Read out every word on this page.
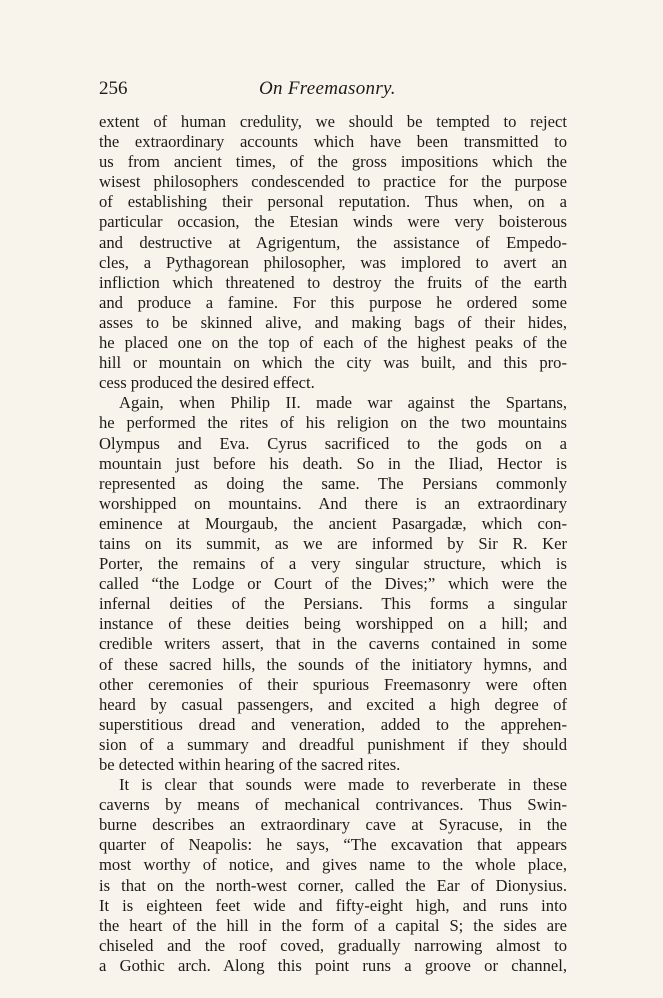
256	On Freemasonry.
extent of human credulity, we should be tempted to reject
the extraordinary accounts which have been transmitted to
us from ancient times, of the gross impositions which the
wisest philosophers condescended to practice for the purpose
of establishing their personal reputation. Thus when, on a
particular occasion, the Etesian winds were very boisterous
and destructive at Agrigentum, the assistance of Empedo-
cles, a Pythagorean philosopher, was implored to avert an
infliction which threatened to destroy the fruits of the earth
and produce a famine. For this purpose he ordered some
asses to be skinned alive, and making bags of their hides,
he placed one on the top of each of the highest peaks of the
hill or mountain on which the city was built, and this pro-
cess produced the desired effect.
Again, when Philip II. made war against the Spartans,
he performed the rites of his religion on the two mountains
Olympus and Eva. Cyrus sacrificed to the gods on a
mountain just before his death. So in the Iliad, Hector is
represented as doing the same. The Persians commonly
worshipped on mountains. And there is an extraordinary
eminence at Mourgaub, the ancient Pasargadæ, which con-
tains on its summit, as we are informed by Sir R. Ker
Porter, the remains of a very singular structure, which is
called “the Lodge or Court of the Dives;” which were the
infernal deities of the Persians. This forms a singular
instance of these deities being worshipped on a hill; and
credible writers assert, that in the caverns contained in some
of these sacred hills, the sounds of the initiatory hymns, and
other ceremonies of their spurious Freemasonry were often
heard by casual passengers, and excited a high degree of
superstitious dread and veneration, added to the apprehen-
sion of a summary and dreadful punishment if they should
be detected within hearing of the sacred rites.
It is clear that sounds were made to reverberate in these
caverns by means of mechanical contrivances. Thus Swin-
burne describes an extraordinary cave at Syracuse, in the
quarter of Neapolis: he says, “The excavation that appears
most worthy of notice, and gives name to the whole place,
is that on the north-west corner, called the Ear of Dionysius.
It is eighteen feet wide and fifty-eight high, and runs into
the heart of the hill in the form of a capital S; the sides are
chiseled and the roof coved, gradually narrowing almost to
a Gothic arch. Along this point runs a groove or channel,
